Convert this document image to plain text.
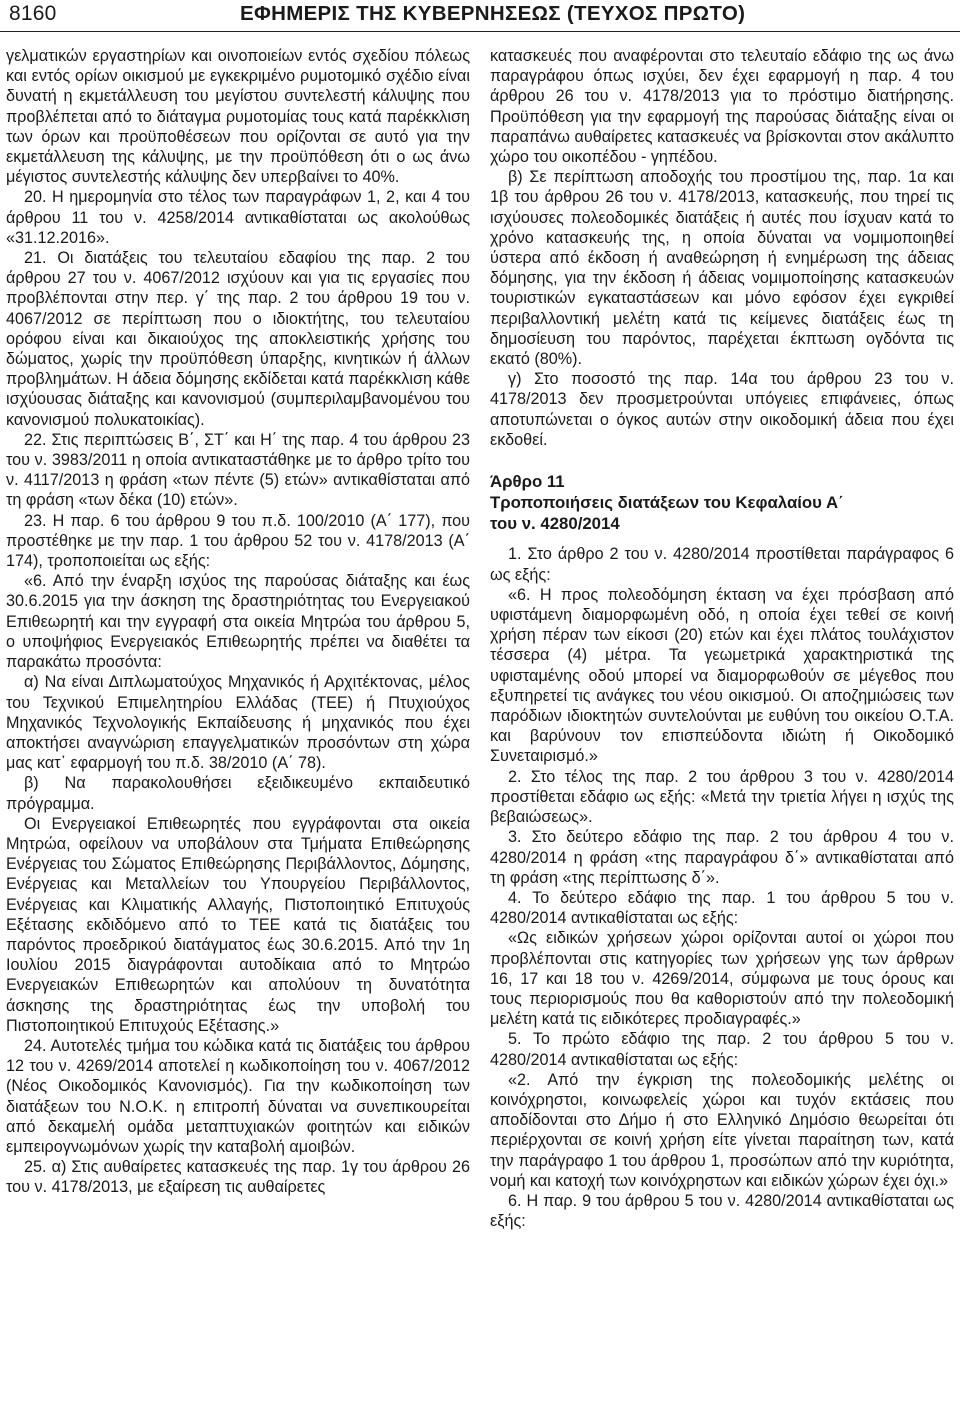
8160	ΕΦΗΜΕΡΙΣ ΤΗΣ ΚΥΒΕΡΝΗΣΕΩΣ (ΤΕΥΧΟΣ ΠΡΩΤΟ)

γελματικών εργαστηρίων και οινοποιείων εντός σχεδίου πόλεως και εντός ορίων οικισμού με εγκεκριμένο ρυμοτομικό σχέδιο είναι δυνατή η εκμετάλλευση του μεγίστου συντελεστή κάλυψης που προβλέπεται από το διάταγμα ρυμοτομίας τους κατά παρέκκλιση των όρων και προϋποθέσεων που ορίζονται σε αυτό για την εκμετάλλευση της κάλυψης, με την προϋπόθεση ότι ο ως άνω μέγιστος συντελεστής κάλυψης δεν υπερβαίνει το 40%.

20. Η ημερομηνία στο τέλος των παραγράφων 1, 2, και 4 του άρθρου 11 του ν. 4258/2014 αντικαθίσταται ως ακολούθως «31.12.2016».

21. Οι διατάξεις του τελευταίου εδαφίου της παρ. 2 του άρθρου 27 του ν. 4067/2012 ισχύουν και για τις εργασίες που προβλέπονται στην περ. γ΄ της παρ. 2 του άρθρου 19 του ν. 4067/2012 σε περίπτωση που ο ιδιοκτήτης, του τελευταίου ορόφου είναι και δικαιούχος της αποκλειστικής χρήσης του δώματος, χωρίς την προϋπόθεση ύπαρξης, κινητικών ή άλλων προβλημάτων. Η άδεια δόμησης εκδίδεται κατά παρέκκλιση κάθε ισχύουσας διάταξης και κανονισμού (συμπεριλαμβανομένου του κανονισμού πολυκατοικίας).

22. Στις περιπτώσεις Β΄, ΣΤ΄ και Η΄ της παρ. 4 του άρθρου 23 του ν. 3983/2011 η οποία αντικαταστάθηκε με το άρθρο τρίτο του ν. 4117/2013 η φράση «των πέντε (5) ετών» αντικαθίσταται από τη φράση «των δέκα (10) ετών».

23. Η παρ. 6 του άρθρου 9 του π.δ. 100/2010 (Α΄ 177), που προστέθηκε με την παρ. 1 του άρθρου 52 του ν. 4178/2013 (Α΄ 174), τροποποιείται ως εξής:

«6. Από την έναρξη ισχύος της παρούσας διάταξης και έως 30.6.2015 για την άσκηση της δραστηριότητας του Ενεργειακού Επιθεωρητή και την εγγραφή στα οικεία Μητρώα του άρθρου 5, ο υποψήφιος Ενεργειακός Επιθεωρητής πρέπει να διαθέτει τα παρακάτω προσόντα:

α) Να είναι Διπλωματούχος Μηχανικός ή Αρχιτέκτονας, μέλος του Τεχνικού Επιμελητηρίου Ελλάδας (ΤΕΕ) ή Πτυχιούχος Μηχανικός Τεχνολογικής Εκπαίδευσης ή μηχανικός που έχει αποκτήσει αναγνώριση επαγγελματικών προσόντων στη χώρα μας κατ᾽ εφαρμογή του π.δ. 38/2010 (Α΄ 78).

β) Να παρακολουθήσει εξειδικευμένο εκπαιδευτικό πρόγραμμα.

Οι Ενεργειακοί Επιθεωρητές που εγγράφονται στα οικεία Μητρώα, οφείλουν να υποβάλουν στα Τμήματα Επιθεώρησης Ενέργειας του Σώματος Επιθεώρησης Περιβάλλοντος, Δόμησης, Ενέργειας και Μεταλλείων του Υπουργείου Περιβάλλοντος, Ενέργειας και Κλιματικής Αλλαγής, Πιστοποιητικό Επιτυχούς Εξέτασης εκδιδόμενο από το ΤΕΕ κατά τις διατάξεις του παρόντος προεδρικού διατάγματος έως 30.6.2015. Από την 1η Ιουλίου 2015 διαγράφονται αυτοδίκαια από το Μητρώο Ενεργειακών Επιθεωρητών και απολύουν τη δυνατότητα άσκησης της δραστηριότητας έως την υποβολή του Πιστοποιητικού Επιτυχούς Εξέτασης.»

24. Αυτοτελές τμήμα του κώδικα κατά τις διατάξεις του άρθρου 12 του ν. 4269/2014 αποτελεί η κωδικοποίηση του ν. 4067/2012 (Νέος Οικοδομικός Κανονισμός). Για την κωδικοποίηση των διατάξεων του Ν.Ο.Κ. η επιτροπή δύναται να συνεπικουρείται από δεκαμελή ομάδα μεταπτυχιακών φοιτητών και ειδικών εμπειρογνωμόνων χωρίς την καταβολή αμοιβών.

25. α) Στις αυθαίρετες κατασκευές της παρ. 1γ του άρθρου 26 του ν. 4178/2013, με εξαίρεση τις αυθαίρετες

κατασκευές που αναφέρονται στο τελευταίο εδάφιο της ως άνω παραγράφου όπως ισχύει, δεν έχει εφαρμογή η παρ. 4 του άρθρου 26 του ν. 4178/2013 για το πρόστιμο διατήρησης. Προϋπόθεση για την εφαρμογή της παρούσας διάταξης είναι οι παραπάνω αυθαίρετες κατασκευές να βρίσκονται στον ακάλυπτο χώρο του οικοπέδου - γηπέδου.

β) Σε περίπτωση αποδοχής του προστίμου της, παρ. 1α και 1β του άρθρου 26 του ν. 4178/2013, κατασκευής, που τηρεί τις ισχύουσες πολεοδομικές διατάξεις ή αυτές που ίσχυαν κατά το χρόνο κατασκευής της, η οποία δύναται να νομιμοποιηθεί ύστερα από έκδοση ή αναθεώρηση ή ενημέρωση της άδειας δόμησης, για την έκδοση ή άδειας νομιμοποίησης κατασκευών τουριστικών εγκαταστάσεων και μόνο εφόσον έχει εγκριθεί περιβαλλοντική μελέτη κατά τις κείμενες διατάξεις έως τη δημοσίευση του παρόντος, παρέχεται έκπτωση ογδόντα τις εκατό (80%).

γ) Στο ποσοστό της παρ. 14α του άρθρου 23 του ν. 4178/2013 δεν προσμετρούνται υπόγειες επιφάνειες, όπως αποτυπώνεται ο όγκος αυτών στην οικοδομική άδεια που έχει εκδοθεί.

Άρθρο 11

Τροποποιήσεις διατάξεων του Κεφαλαίου Α΄

του ν. 4280/2014

1. Στο άρθρο 2 του ν. 4280/2014 προστίθεται παράγραφος 6 ως εξής:

«6. Η προς πολεοδόμηση έκταση να έχει πρόσβαση από υφιστάμενη διαμορφωμένη οδό, η οποία έχει τεθεί σε κοινή χρήση πέραν των είκοσι (20) ετών και έχει πλάτος τουλάχιστον τέσσερα (4) μέτρα. Τα γεωμετρικά χαρακτηριστικά της υφισταμένης οδού μπορεί να διαμορφωθούν σε μέγεθος που εξυπηρετεί τις ανάγκες του νέου οικισμού. Οι αποζημιώσεις των παρόδιων ιδιοκτητών συντελούνται με ευθύνη του οικείου Ο.Τ.Α. και βαρύνουν τον επισπεύδοντα ιδιώτη ή Οικοδομικό Συνεταιρισμό.»

2. Στο τέλος της παρ. 2 του άρθρου 3 του ν. 4280/2014 προστίθεται εδάφιο ως εξής: «Μετά την τριετία λήγει η ισχύς της βεβαιώσεως».

3. Στο δεύτερο εδάφιο της παρ. 2 του άρθρου 4 του ν. 4280/2014 η φράση «της παραγράφου δ΄» αντικαθίσταται από τη φράση «της περίπτωσης δ΄».

4. Το δεύτερο εδάφιο της παρ. 1 του άρθρου 5 του ν. 4280/2014 αντικαθίσταται ως εξής:

«Ως ειδικών χρήσεων χώροι ορίζονται αυτοί οι χώροι που προβλέπονται στις κατηγορίες των χρήσεων γης των άρθρων 16, 17 και 18 του ν. 4269/2014, σύμφωνα με τους όρους και τους περιορισμούς που θα καθοριστούν από την πολεοδομική μελέτη κατά τις ειδικότερες προδιαγραφές.»

5. Το πρώτο εδάφιο της παρ. 2 του άρθρου 5 του ν. 4280/2014 αντικαθίσταται ως εξής:

«2. Από την έγκριση της πολεοδομικής μελέτης οι κοινόχρηστοι, κοινωφελείς χώροι και τυχόν εκτάσεις που αποδίδονται στο Δήμο ή στο Ελληνικό Δημόσιο θεωρείται ότι περιέρχονται σε κοινή χρήση είτε γίνεται παραίτηση των, κατά την παράγραφο 1 του άρθρου 1, προσώπων από την κυριότητα, νομή και κατοχή των κοινόχρηστων και ειδικών χώρων έχει όχι.»

6. Η παρ. 9 του άρθρου 5 του ν. 4280/2014 αντικαθίσταται ως εξής:
